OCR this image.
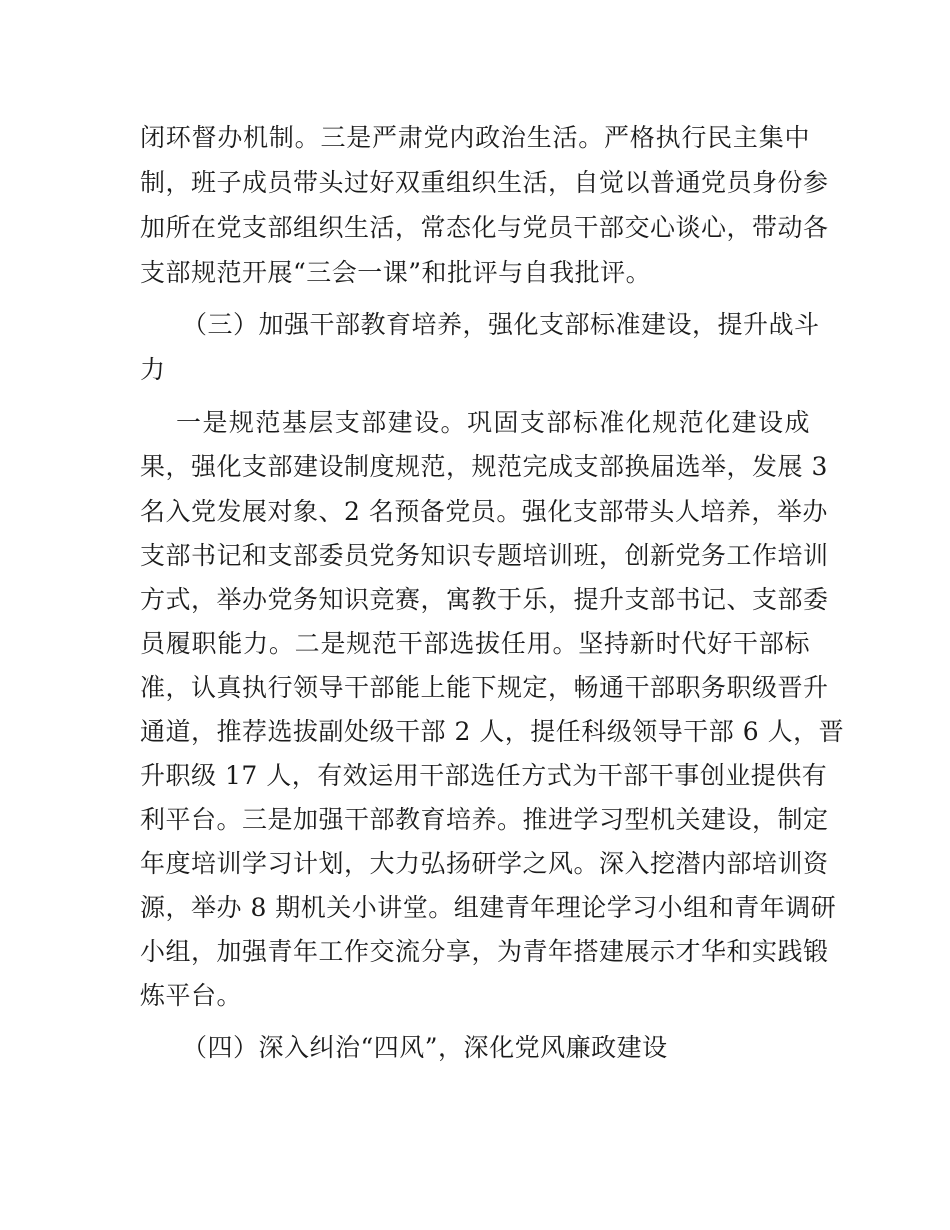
闭环督办机制。三是严肃党内政治生活。严格执行民主集中
制，班子成员带头过好双重组织生活，自觉以普通党员身份参
加所在党支部组织生活，常态化与党员干部交心谈心，带动各
支部规范开展“三会一课”和批评与自我批评。
（三）加强干部教育培养，强化支部标准建设，提升战斗
力
一是规范基层支部建设。巩固支部标准化规范化建设成
果，强化支部建设制度规范，规范完成支部换届选举，发展 3
名入党发展对象、2 名预备党员。强化支部带头人培养，举办
支部书记和支部委员党务知识专题培训班，创新党务工作培训
方式，举办党务知识竞赛，寓教于乐，提升支部书记、支部委
员履职能力。二是规范干部选拔任用。坚持新时代好干部标
准，认真执行领导干部能上能下规定，畅通干部职务职级晋升
通道，推荐选拔副处级干部 2 人，提任科级领导干部 6 人，晋
升职级 17 人，有效运用干部选任方式为干部干事创业提供有
利平台。三是加强干部教育培养。推进学习型机关建设，制定
年度培训学习计划，大力弘扬研学之风。深入挖潜内部培训资
源，举办 8 期机关小讲堂。组建青年理论学习小组和青年调研
小组，加强青年工作交流分享，为青年搭建展示才华和实践锻
炼平台。
（四）深入纠治“四风”，深化党风廉政建设
